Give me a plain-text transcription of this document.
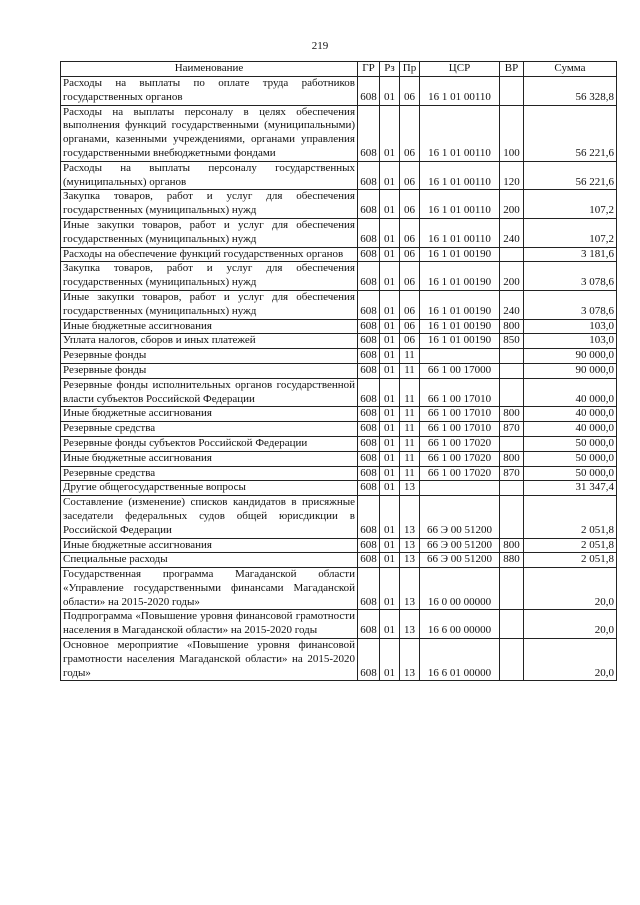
219
Наименование	ГР	Рз	Пр	ЦСР	ВР	Сумма
Расходы на выплаты по оплате труда работников государственных органов	608	01	06	16 1 01 00110		56 328,8
Расходы на выплаты персоналу в целях обеспечения выполнения функций государственными (муниципальными) органами, казенными учреждениями, органами управления государственными внебюджетными фондами	608	01	06	16 1 01 00110	100	56 221,6
Расходы на выплаты персоналу государственных (муниципальных) органов	608	01	06	16 1 01 00110	120	56 221,6
Закупка товаров, работ и услуг для обеспечения государственных (муниципальных) нужд	608	01	06	16 1 01 00110	200	107,2
Иные закупки товаров, работ и услуг для обеспечения государственных (муниципальных) нужд	608	01	06	16 1 01 00110	240	107,2
Расходы на обеспечение функций государственных органов	608	01	06	16 1 01 00190		3 181,6
Закупка товаров, работ и услуг для обеспечения государственных (муниципальных) нужд	608	01	06	16 1 01 00190	200	3 078,6
Иные закупки товаров, работ и услуг для обеспечения государственных (муниципальных) нужд	608	01	06	16 1 01 00190	240	3 078,6
Иные бюджетные ассигнования	608	01	06	16 1 01 00190	800	103,0
Уплата налогов, сборов и иных платежей	608	01	06	16 1 01 00190	850	103,0
Резервные фонды	608	01	11			90 000,0
Резервные фонды	608	01	11	66 1 00 17000		90 000,0
Резервные фонды исполнительных органов государственной власти субъектов Российской Федерации	608	01	11	66 1 00 17010		40 000,0
Иные бюджетные ассигнования	608	01	11	66 1 00 17010	800	40 000,0
Резервные средства	608	01	11	66 1 00 17010	870	40 000,0
Резервные фонды субъектов Российской Федерации	608	01	11	66 1 00 17020		50 000,0
Иные бюджетные ассигнования	608	01	11	66 1 00 17020	800	50 000,0
Резервные средства	608	01	11	66 1 00 17020	870	50 000,0
Другие общегосударственные вопросы	608	01	13			31 347,4
Составление (изменение) списков кандидатов в присяжные заседатели федеральных судов общей юрисдикции в Российской Федерации	608	01	13	66 Э 00 51200		2 051,8
Иные бюджетные ассигнования	608	01	13	66 Э 00 51200	800	2 051,8
Специальные расходы	608	01	13	66 Э 00 51200	880	2 051,8
Государственная программа Магаданской области «Управление государственными финансами Магаданской области» на 2015-2020 годы»	608	01	13	16 0 00 00000		20,0
Подпрограмма «Повышение уровня финансовой грамотности населения в Магаданской области» на 2015-2020 годы	608	01	13	16 6 00 00000		20,0
Основное мероприятие «Повышение уровня финансовой грамотности населения Магаданской области» на 2015-2020 годы»	608	01	13	16 6 01 00000		20,0
